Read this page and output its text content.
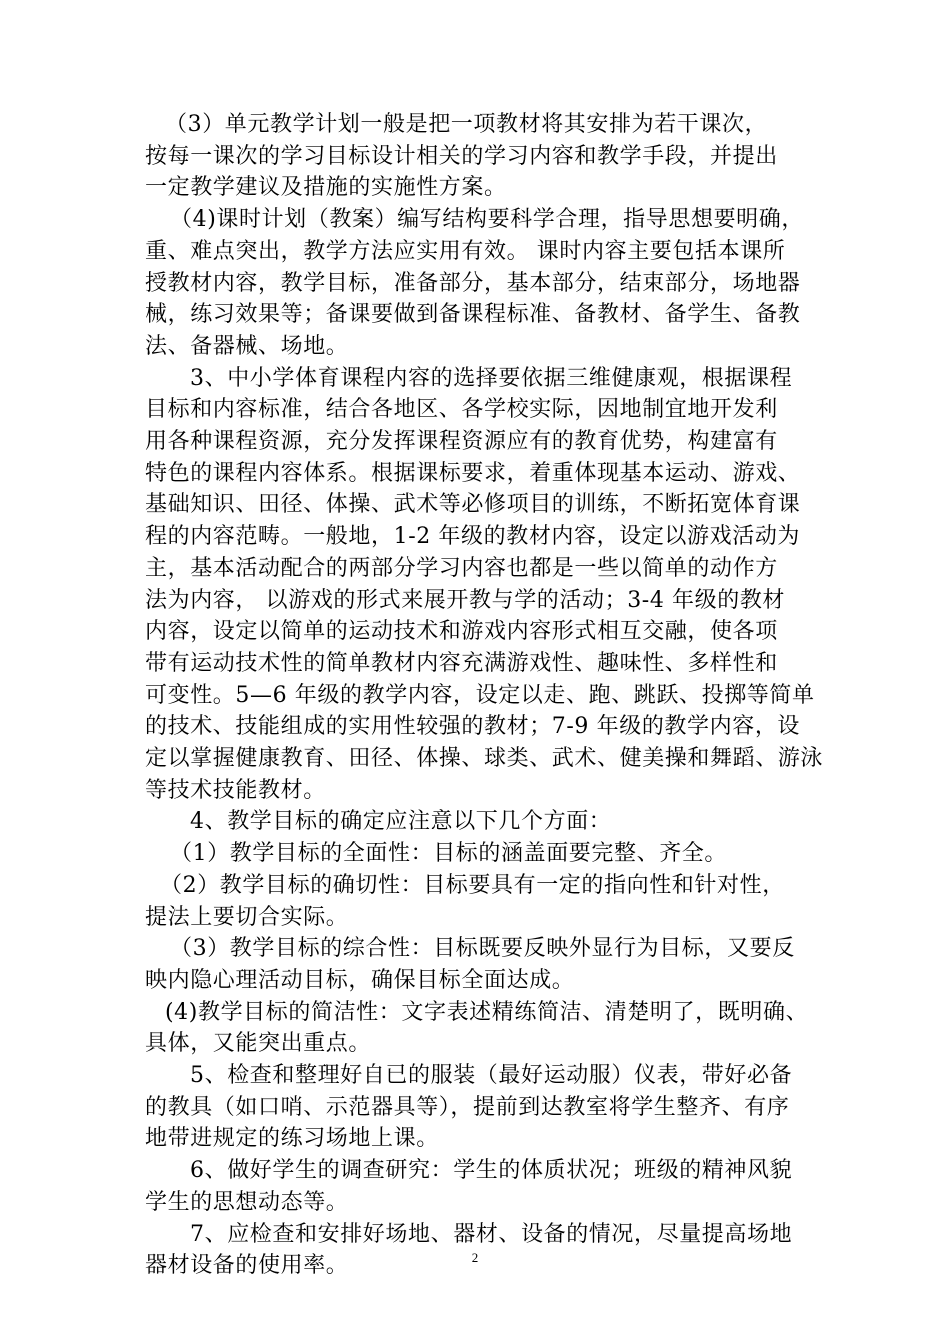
（3）单元教学计划一般是把一项教材将其安排为若干课次，
按每一课次的学习目标设计相关的学习内容和教学手段，并提出
一定教学建议及措施的实施性方案。
（4)课时计划（教案）编写结构要科学合理，指导思想要明确，
重、难点突出，教学方法应实用有效。 课时内容主要包括本课所
授教材内容，教学目标，准备部分，基本部分，结束部分，场地器
械，练习效果等；备课要做到备课程标准、备教材、备学生、备教
法、备器械、场地。
3、中小学体育课程内容的选择要依据三维健康观，根据课程
目标和内容标准，结合各地区、各学校实际，因地制宜地开发利
用各种课程资源，充分发挥课程资源应有的教育优势，构建富有
特色的课程内容体系。根据课标要求，着重体现基本运动、游戏、
基础知识、田径、体操、武术等必修项目的训练，不断拓宽体育课
程的内容范畴。一般地，1-2 年级的教材内容，设定以游戏活动为
主，基本活动配合的两部分学习内容也都是一些以简单的动作方
法为内容， 以游戏的形式来展开教与学的活动；3-4 年级的教材
内容，设定以简单的运动技术和游戏内容形式相互交融，使各项
带有运动技术性的简单教材内容充满游戏性、趣味性、多样性和
可变性。5—6 年级的教学内容，设定以走、跑、跳跃、投掷等简单
的技术、技能组成的实用性较强的教材；7-9 年级的教学内容，设
定以掌握健康教育、田径、体操、球类、武术、健美操和舞蹈、游泳
等技术技能教材。
4、教学目标的确定应注意以下几个方面：
（1）教学目标的全面性：目标的涵盖面要完整、齐全。
（2）教学目标的确切性：目标要具有一定的指向性和针对性，
提法上要切合实际。
（3）教学目标的综合性：目标既要反映外显行为目标，又要反
映内隐心理活动目标，确保目标全面达成。
(4)教学目标的简洁性：文字表述精练简洁、清楚明了，既明确、
具体，又能突出重点。
5、检查和整理好自已的服装（最好运动服）仪表，带好必备
的教具（如口哨、示范器具等），提前到达教室将学生整齐、有序
地带进规定的练习场地上课。
6、做好学生的调查研究：学生的体质状况；班级的精神风貌
学生的思想动态等。
7、应检查和安排好场地、器材、设备的情况，尽量提高场地
器材设备的使用率。	2
